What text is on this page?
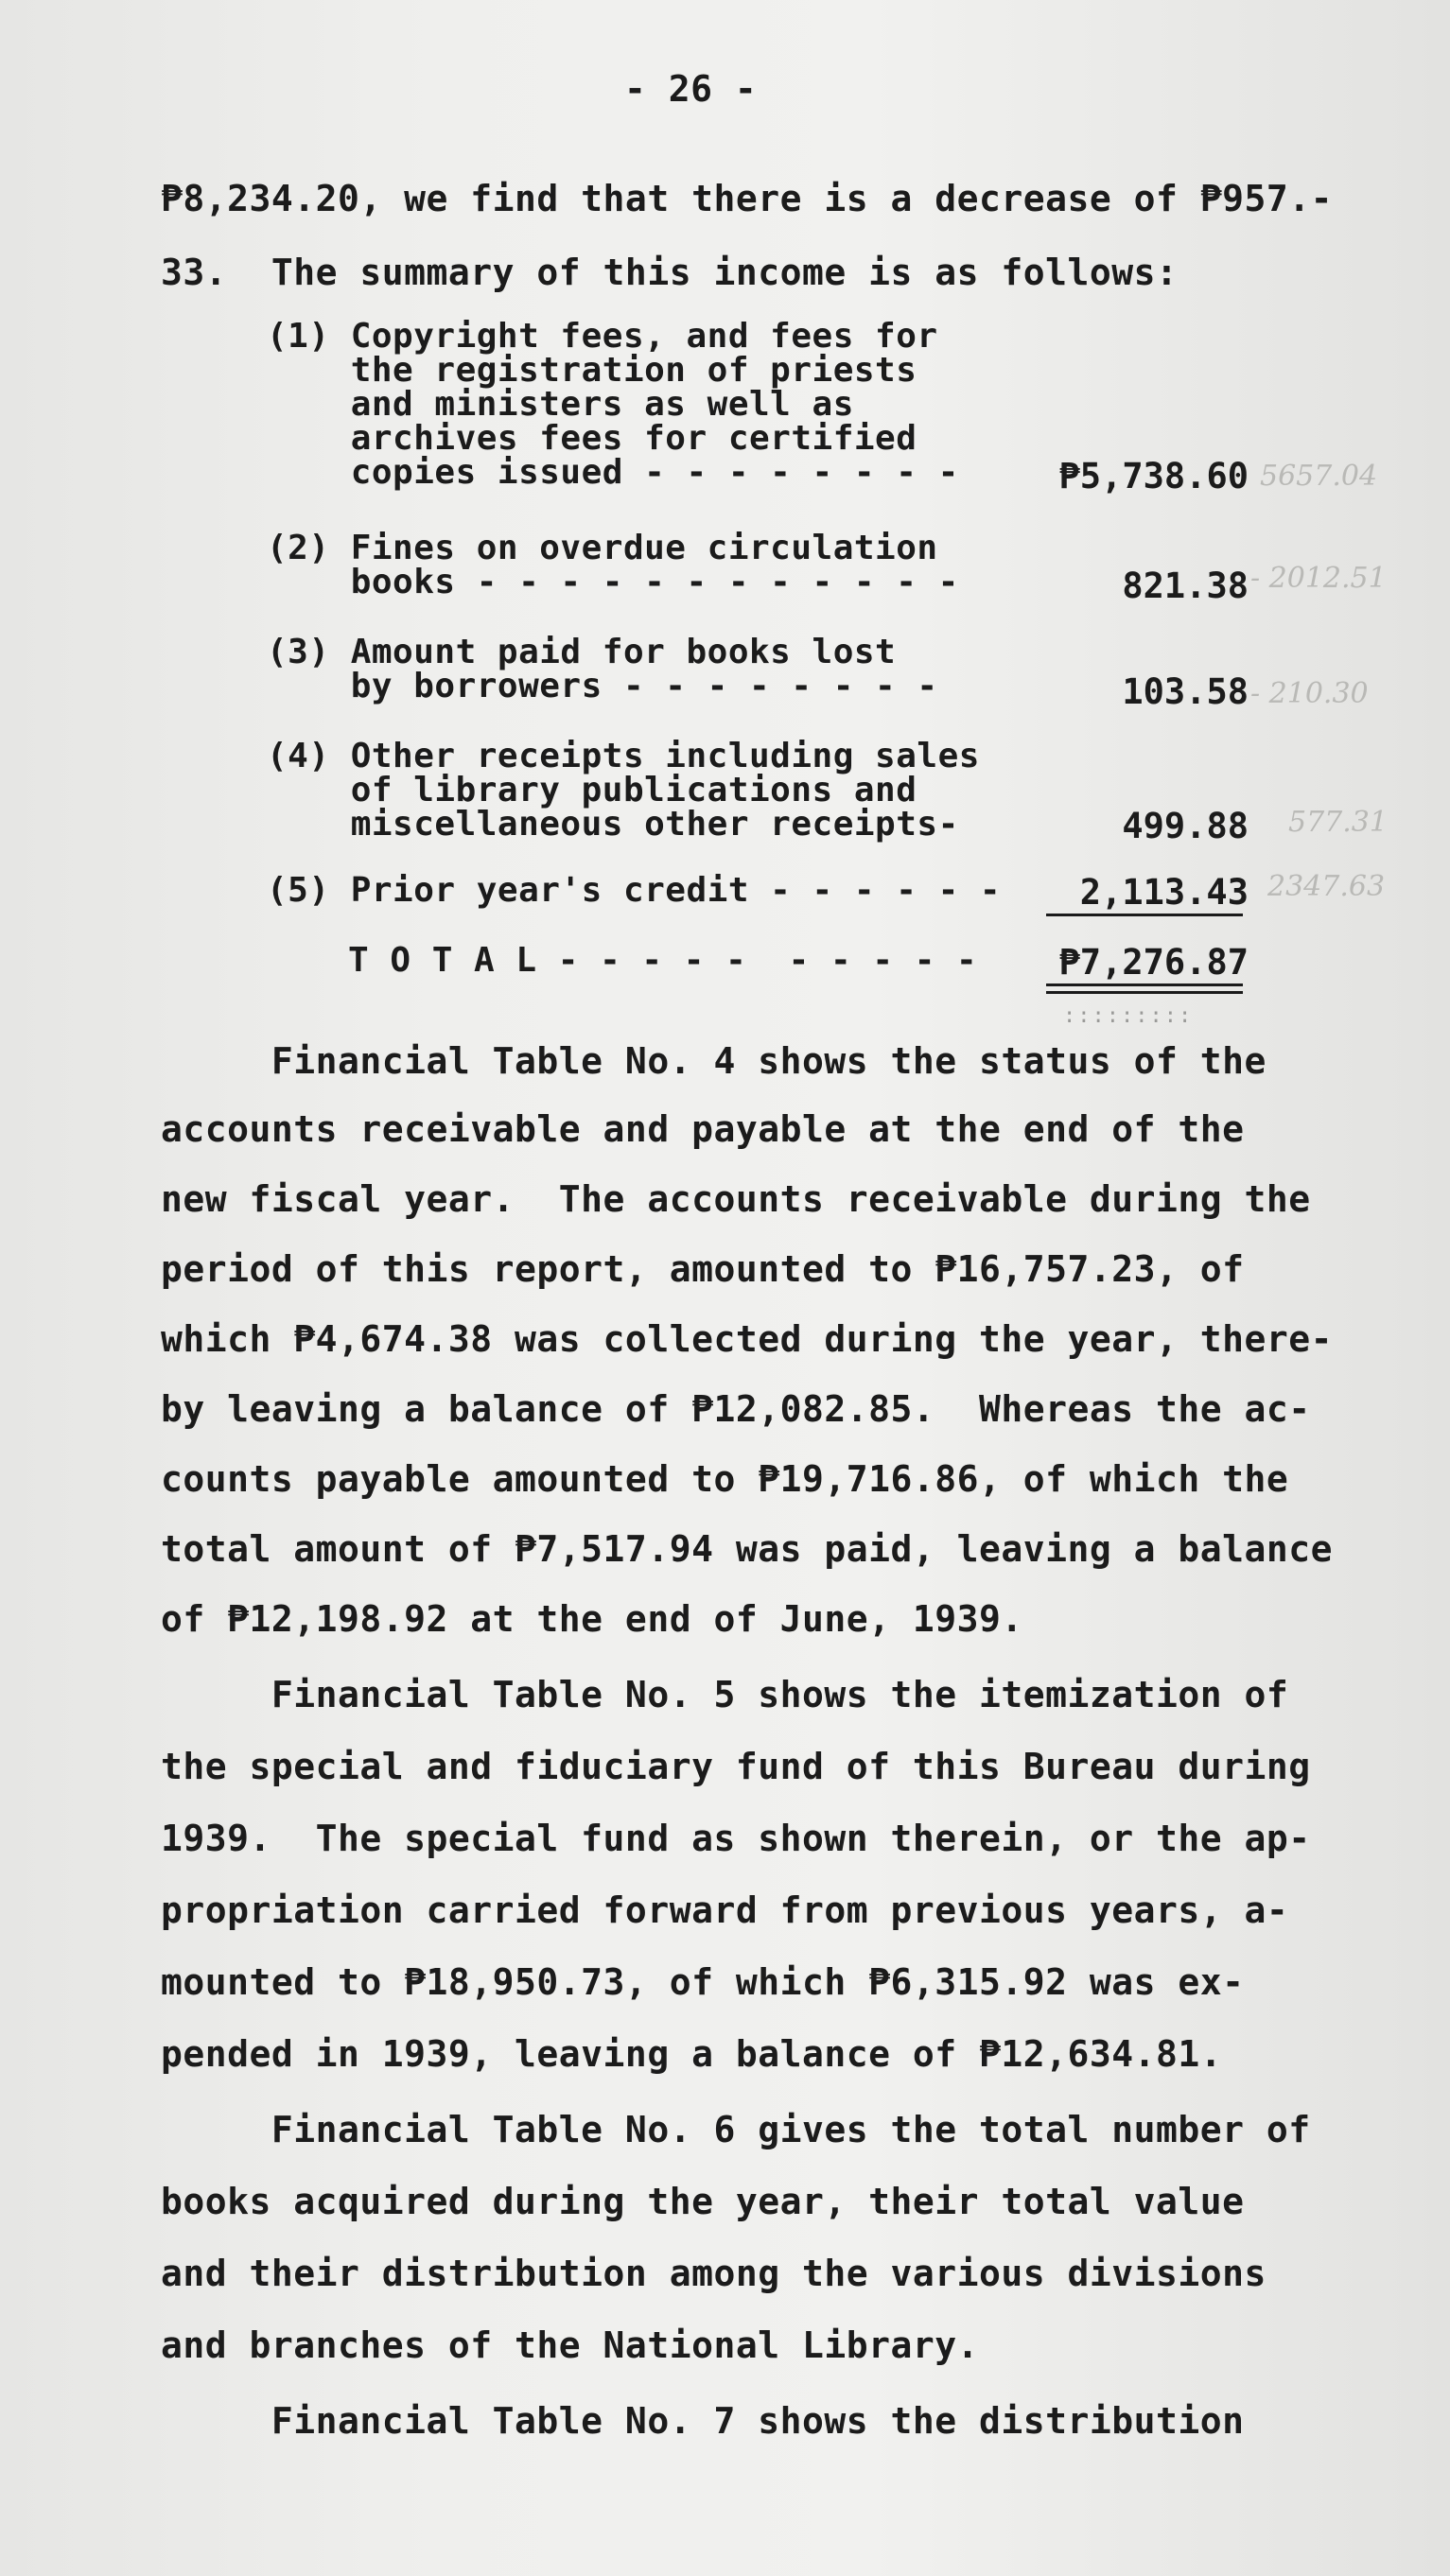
- 26 -
₱8,234.20, we find that there is a decrease of ₱957.-
33.  The summary of this income is as follows:
(1) Copyright fees, and fees for
the registration of priests
and ministers as well as
archives fees for certified
copies issued - - - - - - - -	₱5,738.60 5657.04
(2) Fines on overdue circulation
books - - - - - - - - - - - -	821.38 - 2012.51
(3) Amount paid for books lost
by borrowers - - - - - - - -	103.58 - 210.30
(4) Other receipts including sales
of library publications and
miscellaneous other receipts-	499.88 577.31
(5) Prior year's credit - - - - - -	2,113.43 2347.63
T O T A L - - - - -  - - - - -	₱7,276.87
:::::::::
Financial Table No. 4 shows the status of the
accounts receivable and payable at the end of the
new fiscal year.  The accounts receivable during the
period of this report, amounted to ₱16,757.23, of
which ₱4,674.38 was collected during the year, there-
by leaving a balance of ₱12,082.85.  Whereas the ac-
counts payable amounted to ₱19,716.86, of which the
total amount of ₱7,517.94 was paid, leaving a balance
of ₱12,198.92 at the end of June, 1939.
Financial Table No. 5 shows the itemization of
the special and fiduciary fund of this Bureau during
1939.  The special fund as shown therein, or the ap-
propriation carried forward from previous years, a-
mounted to ₱18,950.73, of which ₱6,315.92 was ex-
pended in 1939, leaving a balance of ₱12,634.81.
Financial Table No. 6 gives the total number of
books acquired during the year, their total value
and their distribution among the various divisions
and branches of the National Library.
Financial Table No. 7 shows the distribution
